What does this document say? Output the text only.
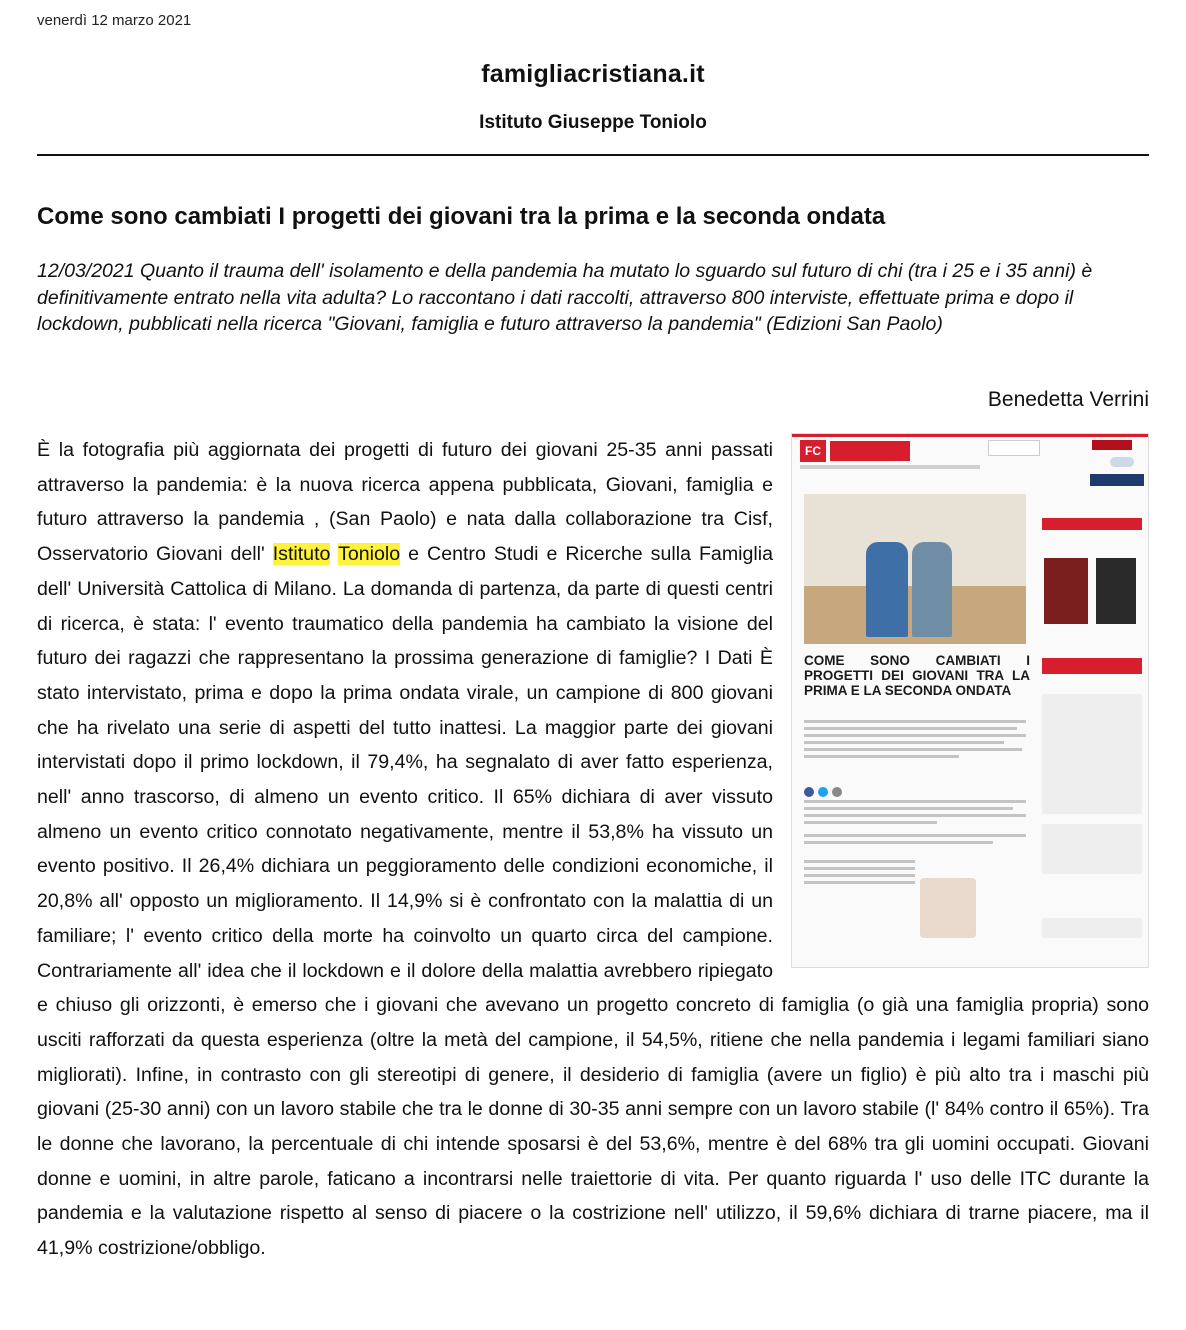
venerdì 12 marzo 2021
famigliacristiana.it
Istituto Giuseppe Toniolo
Come sono cambiati I progetti dei giovani tra la prima e la seconda ondata

12/03/2021 Quanto il trauma dell' isolamento e della pandemia ha mutato lo sguardo sul futuro di chi (tra i 25 e i 35 anni) è definitivamente entrato nella vita adulta? Lo raccontano i dati raccolti, attraverso 800 interviste, effettuate prima e dopo il lockdown, pubblicati nella ricerca "Giovani, famiglia e futuro attraverso la pandemia" (Edizioni San Paolo)

Benedetta Verrini

FC
COME SONO CAMBIATI I PROGETTI DEI GIOVANI TRA LA PRIMA E LA SECONDA ONDATA
È la fotografia più aggiornata dei progetti di futuro dei giovani 25-35 anni passati attraverso la pandemia: è la nuova ricerca appena pubblicata, Giovani, famiglia e futuro attraverso la pandemia , (San Paolo) e nata dalla collaborazione tra Cisf, Osservatorio Giovani dell' Istituto Toniolo e Centro Studi e Ricerche sulla Famiglia dell' Università Cattolica di Milano. La domanda di partenza, da parte di questi centri di ricerca, è stata: l' evento traumatico della pandemia ha cambiato la visione del futuro dei ragazzi che rappresentano la prossima generazione di famiglie? I Dati È stato intervistato, prima e dopo la prima ondata virale, un campione di 800 giovani che ha rivelato una serie di aspetti del tutto inattesi. La maggior parte dei giovani intervistati dopo il primo lockdown, il 79,4%, ha segnalato di aver fatto esperienza, nell' anno trascorso, di almeno un evento critico. Il 65% dichiara di aver vissuto almeno un evento critico connotato negativamente, mentre il 53,8% ha vissuto un evento positivo. Il 26,4% dichiara un peggioramento delle condizioni economiche, il 20,8% all' opposto un miglioramento. Il 14,9% si è confrontato con la malattia di un familiare; l' evento critico della morte ha coinvolto un quarto circa del campione. Contrariamente all' idea che il lockdown e il dolore della malattia avrebbero ripiegato e chiuso gli orizzonti, è emerso che i giovani che avevano un progetto concreto di famiglia (o già una famiglia propria) sono usciti rafforzati da questa esperienza (oltre la metà del campione, il 54,5%, ritiene che nella pandemia i legami familiari siano migliorati). Infine, in contrasto con gli stereotipi di genere, il desiderio di famiglia (avere un figlio) è più alto tra i maschi più giovani (25-30 anni) con un lavoro stabile che tra le donne di 30-35 anni sempre con un lavoro stabile (l' 84% contro il 65%). Tra le donne che lavorano, la percentuale di chi intende sposarsi è del 53,6%, mentre è del 68% tra gli uomini occupati. Giovani donne e uomini, in altre parole, faticano a incontrarsi nelle traiettorie di vita. Per quanto riguarda l' uso delle ITC durante la pandemia e la valutazione rispetto al senso di piacere o la costrizione nell' utilizzo, il 59,6% dichiara di trarne piacere, ma il 41,9% costrizione/obbligo.
